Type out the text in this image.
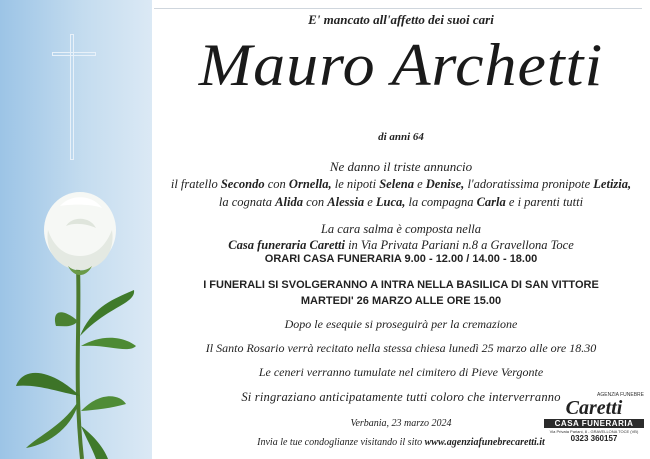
E' mancato all'affetto dei suoi cari
di anni 64
Ne danno il triste annuncio
il fratello Secondo con Ornella, le nipoti Selena e Denise, l'adoratissima pronipote Letizia,
la cognata Alida con Alessia e Luca, la compagna Carla e i parenti tutti
La cara salma è composta nella
Casa funeraria Caretti in Via Privata Pariani n.8 a Gravellona Toce
ORARI CASA FUNERARIA 9.00 - 12.00 / 14.00 - 18.00
I FUNERALI SI SVOLGERANNO A INTRA NELLA BASILICA DI SAN VITTORE
MARTEDI' 26 MARZO ALLE ORE 15.00
Dopo le esequie si proseguirà per la cremazione
Il Santo Rosario verrà recitato nella stessa chiesa lunedì 25 marzo alle ore 18.30
Le ceneri verranno tumulate nel cimitero di Pieve Vergonte
Si ringraziano anticipatamente tutti coloro che interverranno
Verbania, 23 marzo 2024
Invia le tue condoglianze visitando il sito www.agenziafunebrecaretti.it
Mauro Archetti
AGENZIA FUNEBRE
Caretti
CASA FUNERARIA
Via Privata Pariani, 8 - GRAVELLONA TOCE (VB)
0323 360157
